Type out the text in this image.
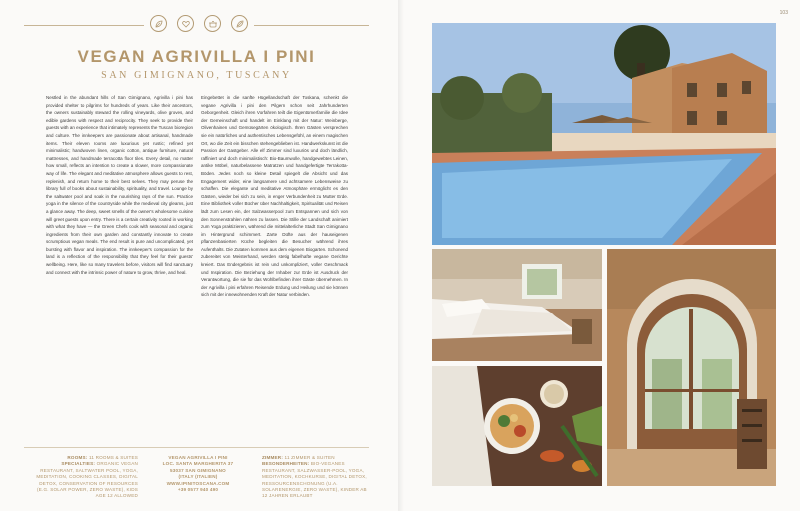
103
VEGAN AGRIVILLA I PINI
SAN GIMIGNANO, TUSCANY

Nestled in the abundant hills of San Gimignano, Agrivilla i pini has provided shelter to pilgrims for hundreds of years. Like their ancestors, the owners sustainably steward the rolling vineyards, olive groves, and edible gardens with respect and reciprocity. They seek to provide their guests with an experience that intimately represents the Tuscan bioregion and culture. The innkeepers are passionate about artisanal, handmade items. Their eleven rooms are luxurious yet rustic; refined yet minimalistic; handwoven linen, organic cotton, antique furniture, natural mattresses, and handmade terracotta floor tiles. Every detail, no matter how small, reflects an intention to create a slower, more compassionate way of life. The elegant and meditative atmosphere allows guests to rest, replenish, and return home to their best selves. They may peruse the library full of books about sustainability, spirituality, and travel. Lounge by the saltwater pool and soak in the nourishing rays of the sun. Practice yoga in the silence of the countryside while the medieval city gleams, just a glance away. The deep, sweet smells of the owner's wholesome cuisine will greet guests upon entry. There is a certain creativity rooted in working with what they have — the Green Chefs cook with seasonal and organic ingredients from their own garden and constantly innovate to create scrumptious vegan meals. The end result is pure and uncomplicated, yet bursting with flavor and inspiration. The innkeeper's compassion for the land is a reflection of the responsibility that they feel for their guests' wellbeing. Here, like so many travelers before, visitors will find sanctuary and connect with the intrinsic power of nature to grow, thrive, and heal.

Eingebettet in die sanfte Hügellandschaft der Toskana, schenkt die vegane Agrivilla i pini den Pilgern schon seit Jahrhunderten Geborgenheit. Gleich ihren Vorfahren teilt die Eigentümerfamilie die Idee der Gemeinschaft und handelt im Einklang mit der Natur: Weinberge, Olivenhainen und Gemüsegärten ökologisch. Ihren Gästen versprechen sie ein natürliches und authentisches Lebensgefühl, an einem magischen Ort, wo die Zeit ein bisschen stehengeblieben ist. Handwerkskunst ist die Passion der Gastgeber. Alle elf Zimmer sind luxuriös und doch ländlich, raffiniert und doch minimalistisch: Bio-Baumwolle, handgewebtes Leinen, antike Möbel, naturbelassene Matratzen und handgefertigte Terrakotta-Böden. Jedes noch so kleine Detail spiegelt die Absicht und das Engagement wider, eine langsamere und achtsamere Lebensweise zu schaffen. Die elegante und meditative Atmosphäre ermöglicht es den Gästen, wieder bei sich zu sein, in enger Verbundenheit zu Mutter Erde. Eine Bibliothek voller Bücher über Nachhaltigkeit, Spiritualität und Reisen lädt zum Lesen ein, der Salzwasserpool zum Entspannen und sich von den Sonnenstrahlen nähren zu lassen. Die Stille der Landschaft animiert zum Yoga praktizieren, während die mittelalterliche Stadt San Gimignano im Hintergrund schimmert. Zarte Düfte aus der hauseigenen pflanzenbasierten Küche begleiten die Besucher während ihres Aufenthalts. Die Zutaten kommen aus dem eigenen Biogarten. Schonend zubereitet von Meisterhand, werden stetig fabelhafte vegane Gerichte kreiert. Das Endergebnis ist rein und unkompliziert, voller Geschmack und Inspiration. Die Beziehung der Inhaber zur Erde ist Ausdruck der Verantwortung, die sie für das Wohlbefinden ihrer Gäste übernehmen. In der Agrivilla i pini erfahren Reisende Erdung und Heilung und sie können sich mit der innewohnenden Kraft der Natur verbinden.

ROOMS: 11 ROOMS & SUITES
SPECIALTIES: ORGANIC VEGAN RESTAURANT, SALTWATER POOL, YOGA, MEDITATION, COOKING CLASSES, DIGITAL DETOX, CONSERVATION OF RESOURCES (E.G. SOLAR POWER, ZERO WASTE), KIDS AGE 12 ALLOWED
VEGAN AGRIVILLA I PINI
LOC. SANTA MARGHERITA 37
53037 SAN GIMIGNANO
(ITALY (ITALIEN)
WWW.IPINITOSCANA.COM
+39 0577 940 490
ZIMMER: 11 ZIMMER & SUITEN
BESONDERHEITEN: BIO-VEGANES RESTAURANT, SALZWASSER-POOL, YOGA, MEDITATION, KOCHKURSE, DIGITAL DETOX, RESSOURCENSCHONUNG (U.A. SOLARENERGIE, ZERO WASTE), KINDER AB 12 JAHREN ERLAUBT
